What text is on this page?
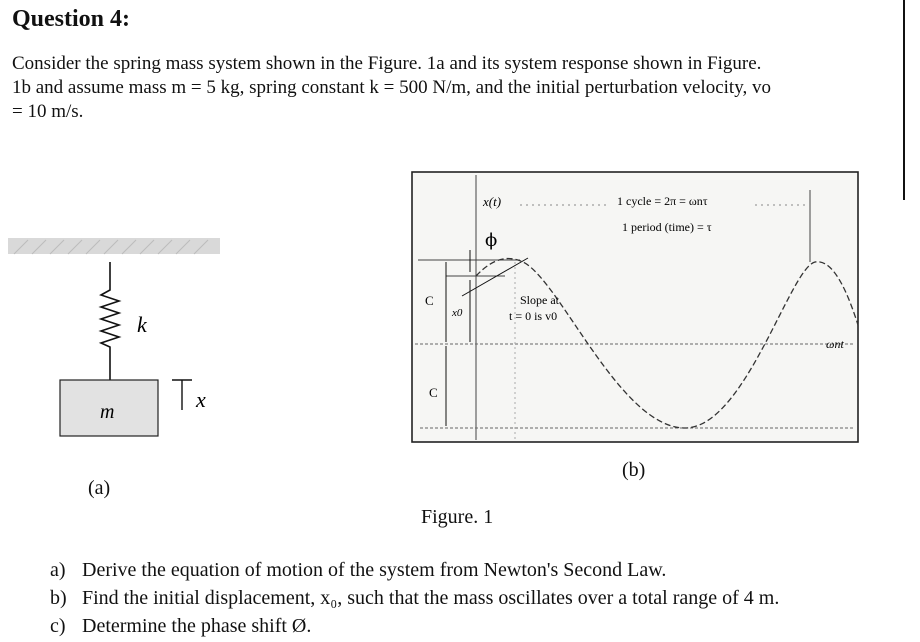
Question 4:
Consider the spring mass system shown in the Figure. 1a and its system response shown in Figure.
1b and assume mass m = 5 kg, spring constant k = 500 N/m, and the initial perturbation velocity, vo
= 10 m/s.
k
m	x
x(t)
ϕ
1 cycle = 2π = ωnτ
1 period (time) = τ
C
C
x0
Slope at
t = 0 is v0
ωnt
(a)
(b)
Figure. 1
a) Derive the equation of motion of the system from Newton's Second Law.
b) Find the initial displacement, x₀, such that the mass oscillates over a total range of 4 m.
c) Determine the phase shift Ø.
